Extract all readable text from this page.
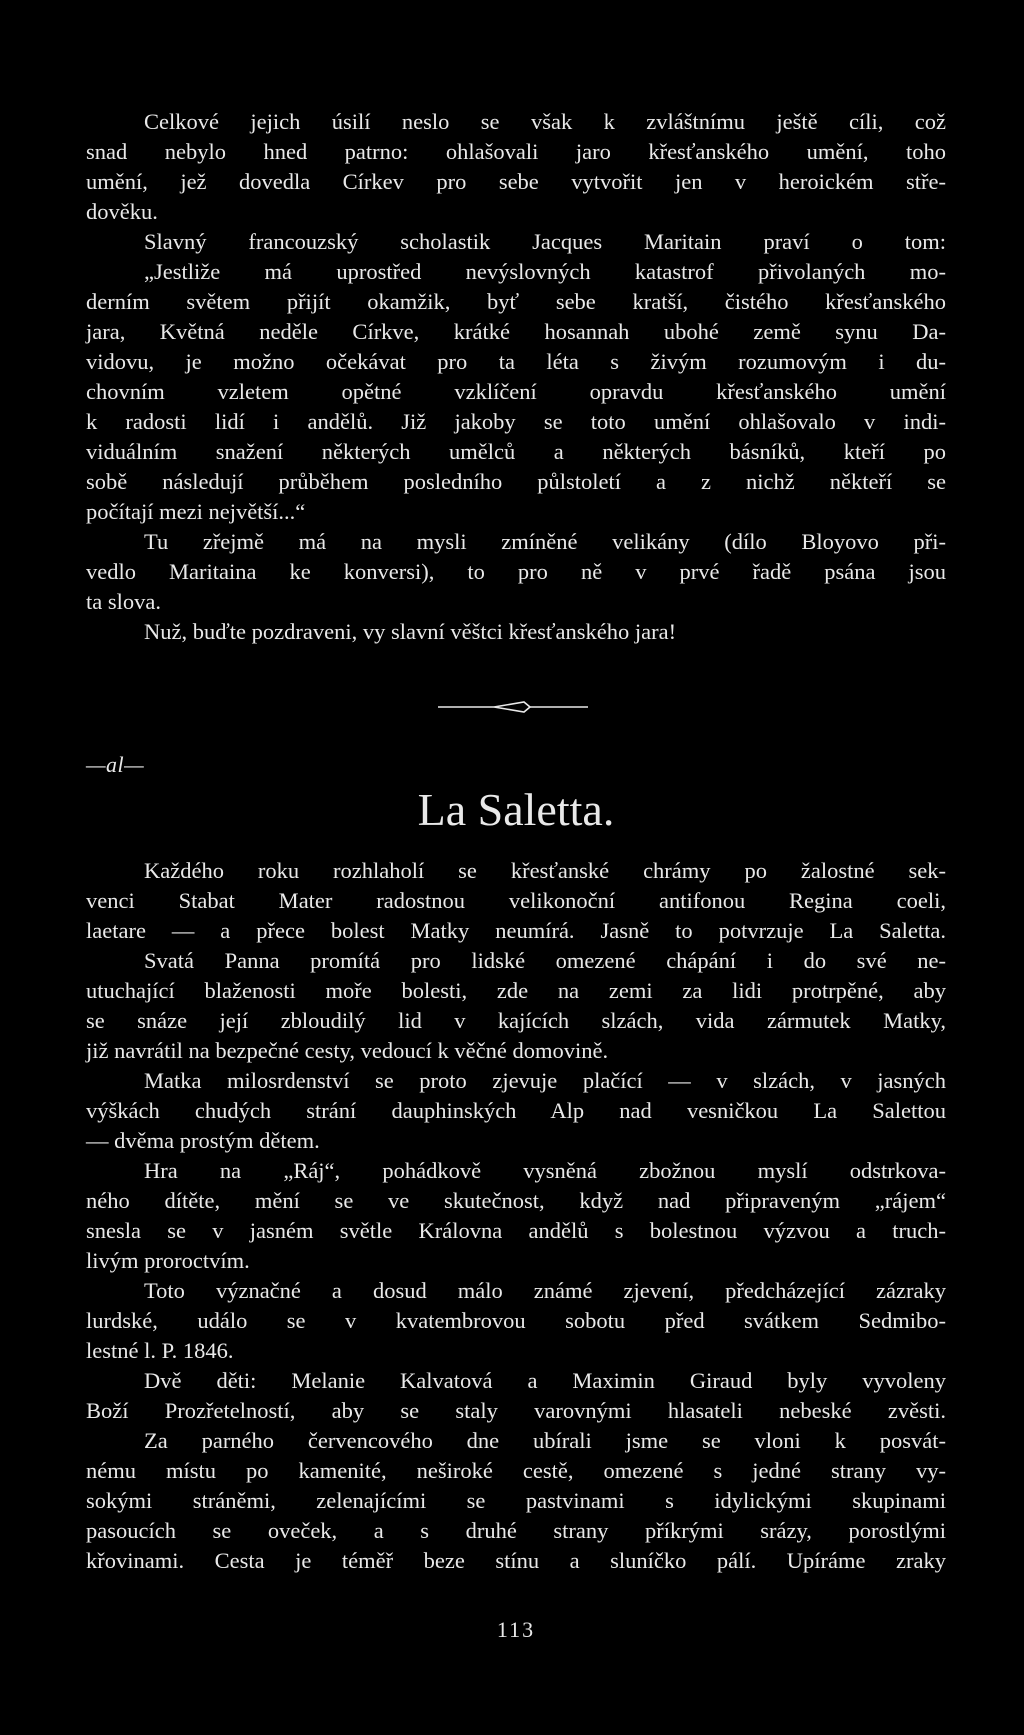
Celkové jejich úsilí neslo se však k zvláštnímu ještě cíli, což

snad nebylo hned patrno: ohlašovali jaro křesťanského umění, toho

umění, jež dovedla Církev pro sebe vytvořit jen v heroickém stře-

dověku.

Slavný francouzský scholastik Jacques Maritain praví o tom:

„Jestliže má uprostřed nevýslovných katastrof přivolaných mo-

derním světem přijít okamžik, byť sebe kratší, čistého křesťanského

jara, Květná neděle Církve, krátké hosannah ubohé země synu Da-

vidovu, je možno očekávat pro ta léta s živým rozumovým i du-

chovním vzletem opětné vzklíčení opravdu křesťanského umění

k radosti lidí i andělů. Již jakoby se toto umění ohlašovalo v indi-

viduálním snažení některých umělců a některých básníků, kteří po

sobě následují průběhem posledního půlstoletí a z nichž někteří se

počítají mezi největší...“

Tu zřejmě má na mysli zmíněné velikány (dílo Bloyovo při-

vedlo Maritaina ke konversi), to pro ně v prvé řadě psána jsou

ta slova.

Nuž, buďte pozdraveni, vy slavní věštci křesťanského jara!

—al—
La Saletta.

Každého roku rozhlaholí se křesťanské chrámy po žalostné sek-

venci Stabat Mater radostnou velikonoční antifonou Regina coeli,

laetare — a přece bolest Matky neumírá. Jasně to potvrzuje La Saletta.

Svatá Panna promítá pro lidské omezené chápání i do své ne-

utuchající blaženosti moře bolesti, zde na zemi za lidi protrpěné, aby

se snáze její zbloudilý lid v kajících slzách, vida zármutek Matky,

již navrátil na bezpečné cesty, vedoucí k věčné domovině.

Matka milosrdenství se proto zjevuje plačící — v slzách, v jasných

výškách chudých strání dauphinských Alp nad vesničkou La Salettou

— dvěma prostým dětem.

Hra na „Ráj“, pohádkově vysněná zbožnou myslí odstrkova-

ného dítěte, mění se ve skutečnost, když nad připraveným „rájem“

snesla se v jasném světle Královna andělů s bolestnou výzvou a truch-

livým proroctvím.

Toto význačné a dosud málo známé zjevení, předcházející zázraky

lurdské, událo se v kvatembrovou sobotu před svátkem Sedmibo-

lestné l. P. 1846.

Dvě děti: Melanie Kalvatová a Maximin Giraud byly vyvoleny

Boží Prozřetelností, aby se staly varovnými hlasateli nebeské zvěsti.

Za parného červencového dne ubírali jsme se vloni k posvát-

nému místu po kamenité, neširoké cestě, omezené s jedné strany vy-

sokými stráněmi, zelenajícími se pastvinami s idylickými skupinami

pasoucích se oveček, a s druhé strany příkrými srázy, porostlými

křovinami. Cesta je téměř beze stínu a sluníčko pálí. Upíráme zraky

113
